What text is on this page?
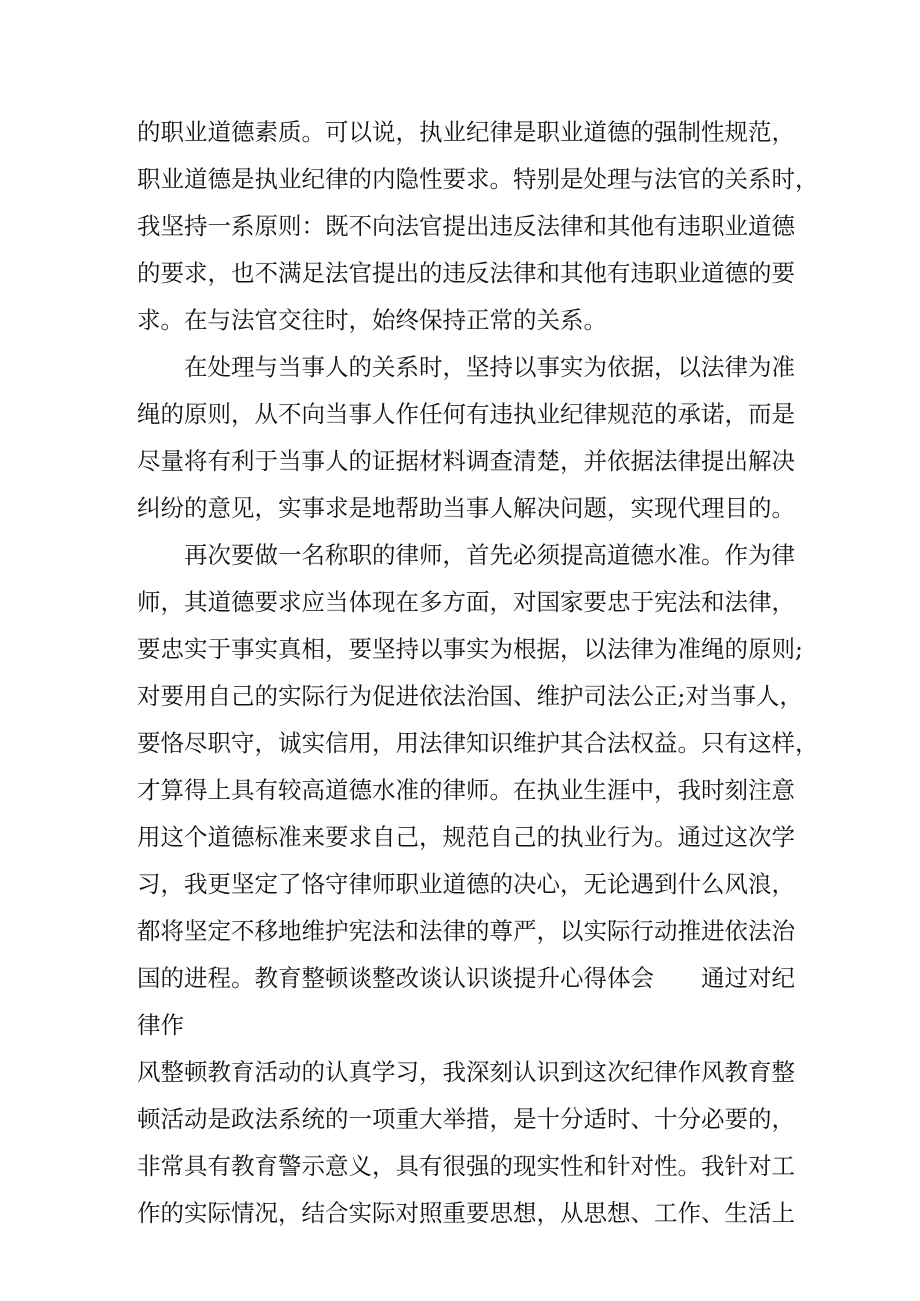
的职业道德素质。可以说，执业纪律是职业道德的强制性规范，
职业道德是执业纪律的内隐性要求。特别是处理与法官的关系时，
我坚持一系原则：既不向法官提出违反法律和其他有违职业道德
的要求，也不满足法官提出的违反法律和其他有违职业道德的要
求。在与法官交往时，始终保持正常的关系。
　　在处理与当事人的关系时，坚持以事实为依据，以法律为准
绳的原则，从不向当事人作任何有违执业纪律规范的承诺，而是
尽量将有利于当事人的证据材料调查清楚，并依据法律提出解决
纠纷的意见，实事求是地帮助当事人解决问题，实现代理目的。
　　再次要做一名称职的律师，首先必须提高道德水准。作为律
师，其道德要求应当体现在多方面，对国家要忠于宪法和法律，
要忠实于事实真相，要坚持以事实为根据，以法律为准绳的原则;
对要用自己的实际行为促进依法治国、维护司法公正;对当事人，
要恪尽职守，诚实信用，用法律知识维护其合法权益。只有这样，
才算得上具有较高道德水准的律师。在执业生涯中，我时刻注意
用这个道德标准来要求自己，规范自己的执业行为。通过这次学
习，我更坚定了恪守律师职业道德的决心，无论遇到什么风浪，
都将坚定不移地维护宪法和法律的尊严，以实际行动推进依法治
国的进程。教育整顿谈整改谈认识谈提升心得体会　　通过对纪
律作
风整顿教育活动的认真学习，我深刻认识到这次纪律作风教育整
顿活动是政法系统的一项重大举措，是十分适时、十分必要的，
非常具有教育警示意义，具有很强的现实性和针对性。我针对工
作的实际情况，结合实际对照重要思想，从思想、工作、生活上
